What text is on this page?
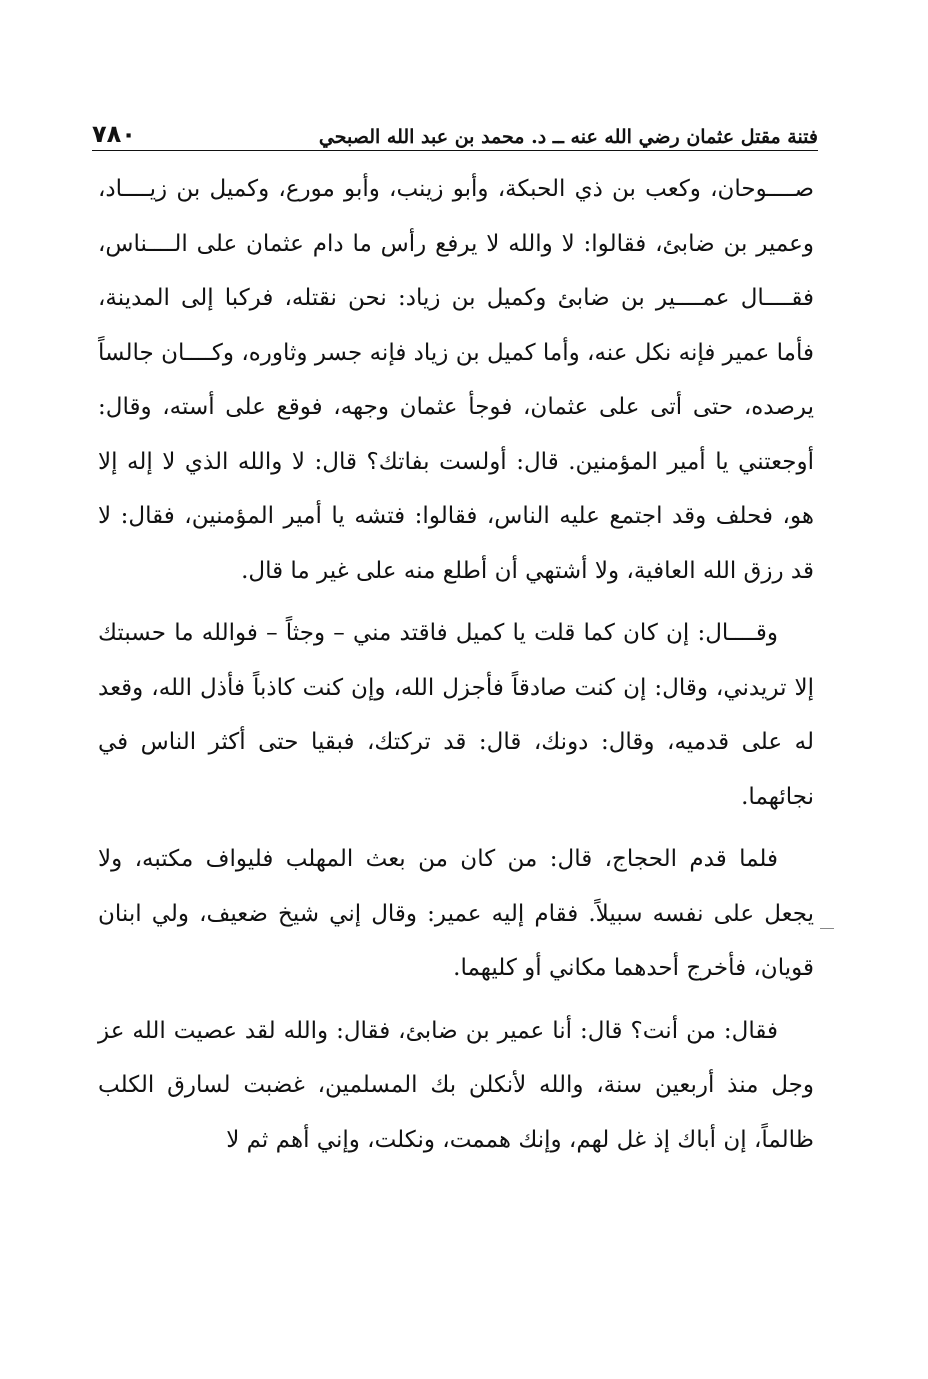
فتنة مقتل عثمان رضي الله عنه ــ د. محمد بن عبد الله الصبحي
٧٨٠

صــــوحان، وكعب بن ذي الحبكة، وأبو زينب، وأبو مورع، وكميل بن زيــــاد، وعمير بن ضابئ، فقالوا: لا والله لا يرفع رأس ما دام عثمان على الــــناس، فقــــال عمــــير بن ضابئ وكميل بن زياد: نحن نقتله، فركبا إلى المدينة، فأما عمير فإنه نكل عنه، وأما كميل بن زياد فإنه جسر وثاوره، وكــــان جالساً يرصده، حتى أتى على عثمان، فوجأ عثمان وجهه، فوقع على أسته، وقال: أوجعتني يا أمير المؤمنين. قال: أولست بفاتك؟ قال: لا والله الذي لا إله إلا هو، فحلف وقد اجتمع عليه الناس، فقالوا: فتشه يا أمير المؤمنين، فقال: لا قد رزق الله العافية، ولا أشتهي أن أطلع منه على غير ما قال.

وقــــال: إن كان كما قلت يا كميل فاقتد مني – وجثاً – فوالله ما حسبتك إلا تريدني، وقال: إن كنت صادقاً فأجزل الله، وإن كنت كاذباً فأذل الله، وقعد له على قدميه، وقال: دونك، قال: قد تركتك، فبقيا حتى أكثر الناس في نجائهما.

فلما قدم الحجاج، قال: من كان من بعث المهلب فليواف مكتبه، ولا يجعل على نفسه سبيلاً. فقام إليه عمير: وقال إني شيخ ضعيف، ولي ابنان قويان، فأخرج أحدهما مكاني أو كليهما.

فقال: من أنت؟ قال: أنا عمير بن ضابئ، فقال: والله لقد عصيت الله عز وجل منذ أربعين سنة، والله لأنكلن بك المسلمين، غضبت لسارق الكلب ظالماً، إن أباك إذ غل لهم، وإنك هممت، ونكلت، وإني أهم ثم لا
